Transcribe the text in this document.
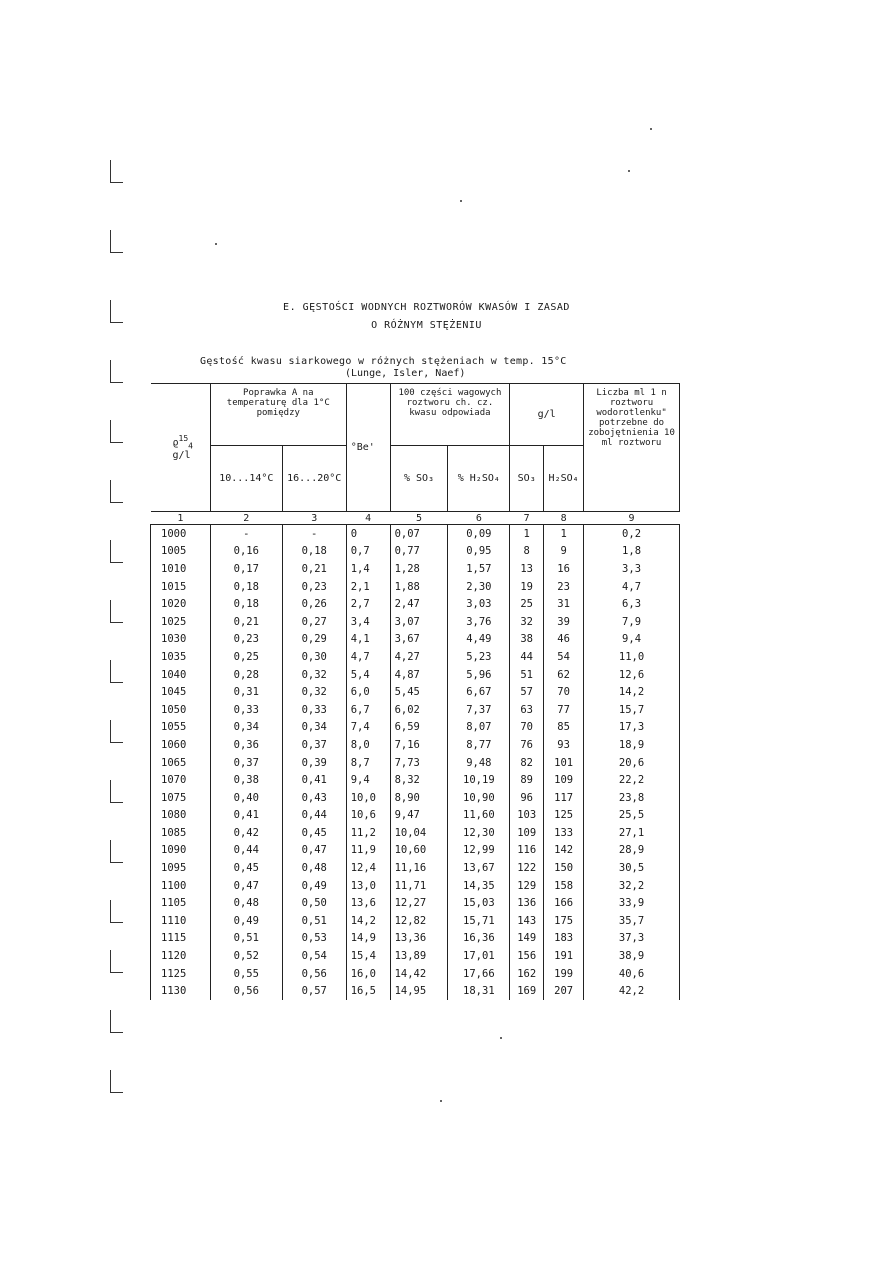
E. GĘSTOŚCI WODNYCH ROZTWORÓW KWASÓW I ZASAD
O RÓŻNYM STĘŻENIU
Gęstość kwasu siarkowego w różnych stężeniach w temp. 15°C
(Lunge, Isler, Naef)
$ϱ^{15}_4$
g/l	Poprawka A na temperaturę dla 1°C pomiędzy		°Be'	100 części wagowych roztworu ch. cz. kwasu odpowiada		g/l		Liczba ml 1 n roztworu wodorotlenku" potrzebne do zobojętnienia 10 ml roztworu
	10...14°C	16...20°C		% SO₃	% H₂SO₄	SO₃	H₂SO₄	
1	2	3	4	5	6	7	8	9
1000	-	-	0	0,07	0,09	1	1	0,2
1005	0,16	0,18	0,7	0,77	0,95	8	9	1,8
1010	0,17	0,21	1,4	1,28	1,57	13	16	3,3
1015	0,18	0,23	2,1	1,88	2,30	19	23	4,7
1020	0,18	0,26	2,7	2,47	3,03	25	31	6,3
1025	0,21	0,27	3,4	3,07	3,76	32	39	7,9
1030	0,23	0,29	4,1	3,67	4,49	38	46	9,4
1035	0,25	0,30	4,7	4,27	5,23	44	54	11,0
1040	0,28	0,32	5,4	4,87	5,96	51	62	12,6
1045	0,31	0,32	6,0	5,45	6,67	57	70	14,2
1050	0,33	0,33	6,7	6,02	7,37	63	77	15,7
1055	0,34	0,34	7,4	6,59	8,07	70	85	17,3
1060	0,36	0,37	8,0	7,16	8,77	76	93	18,9
1065	0,37	0,39	8,7	7,73	9,48	82	101	20,6
1070	0,38	0,41	9,4	8,32	10,19	89	109	22,2
1075	0,40	0,43	10,0	8,90	10,90	96	117	23,8
1080	0,41	0,44	10,6	9,47	11,60	103	125	25,5
1085	0,42	0,45	11,2	10,04	12,30	109	133	27,1
1090	0,44	0,47	11,9	10,60	12,99	116	142	28,9
1095	0,45	0,48	12,4	11,16	13,67	122	150	30,5
1100	0,47	0,49	13,0	11,71	14,35	129	158	32,2
1105	0,48	0,50	13,6	12,27	15,03	136	166	33,9
1110	0,49	0,51	14,2	12,82	15,71	143	175	35,7
1115	0,51	0,53	14,9	13,36	16,36	149	183	37,3
1120	0,52	0,54	15,4	13,89	17,01	156	191	38,9
1125	0,55	0,56	16,0	14,42	17,66	162	199	40,6
1130	0,56	0,57	16,5	14,95	18,31	169	207	42,2
